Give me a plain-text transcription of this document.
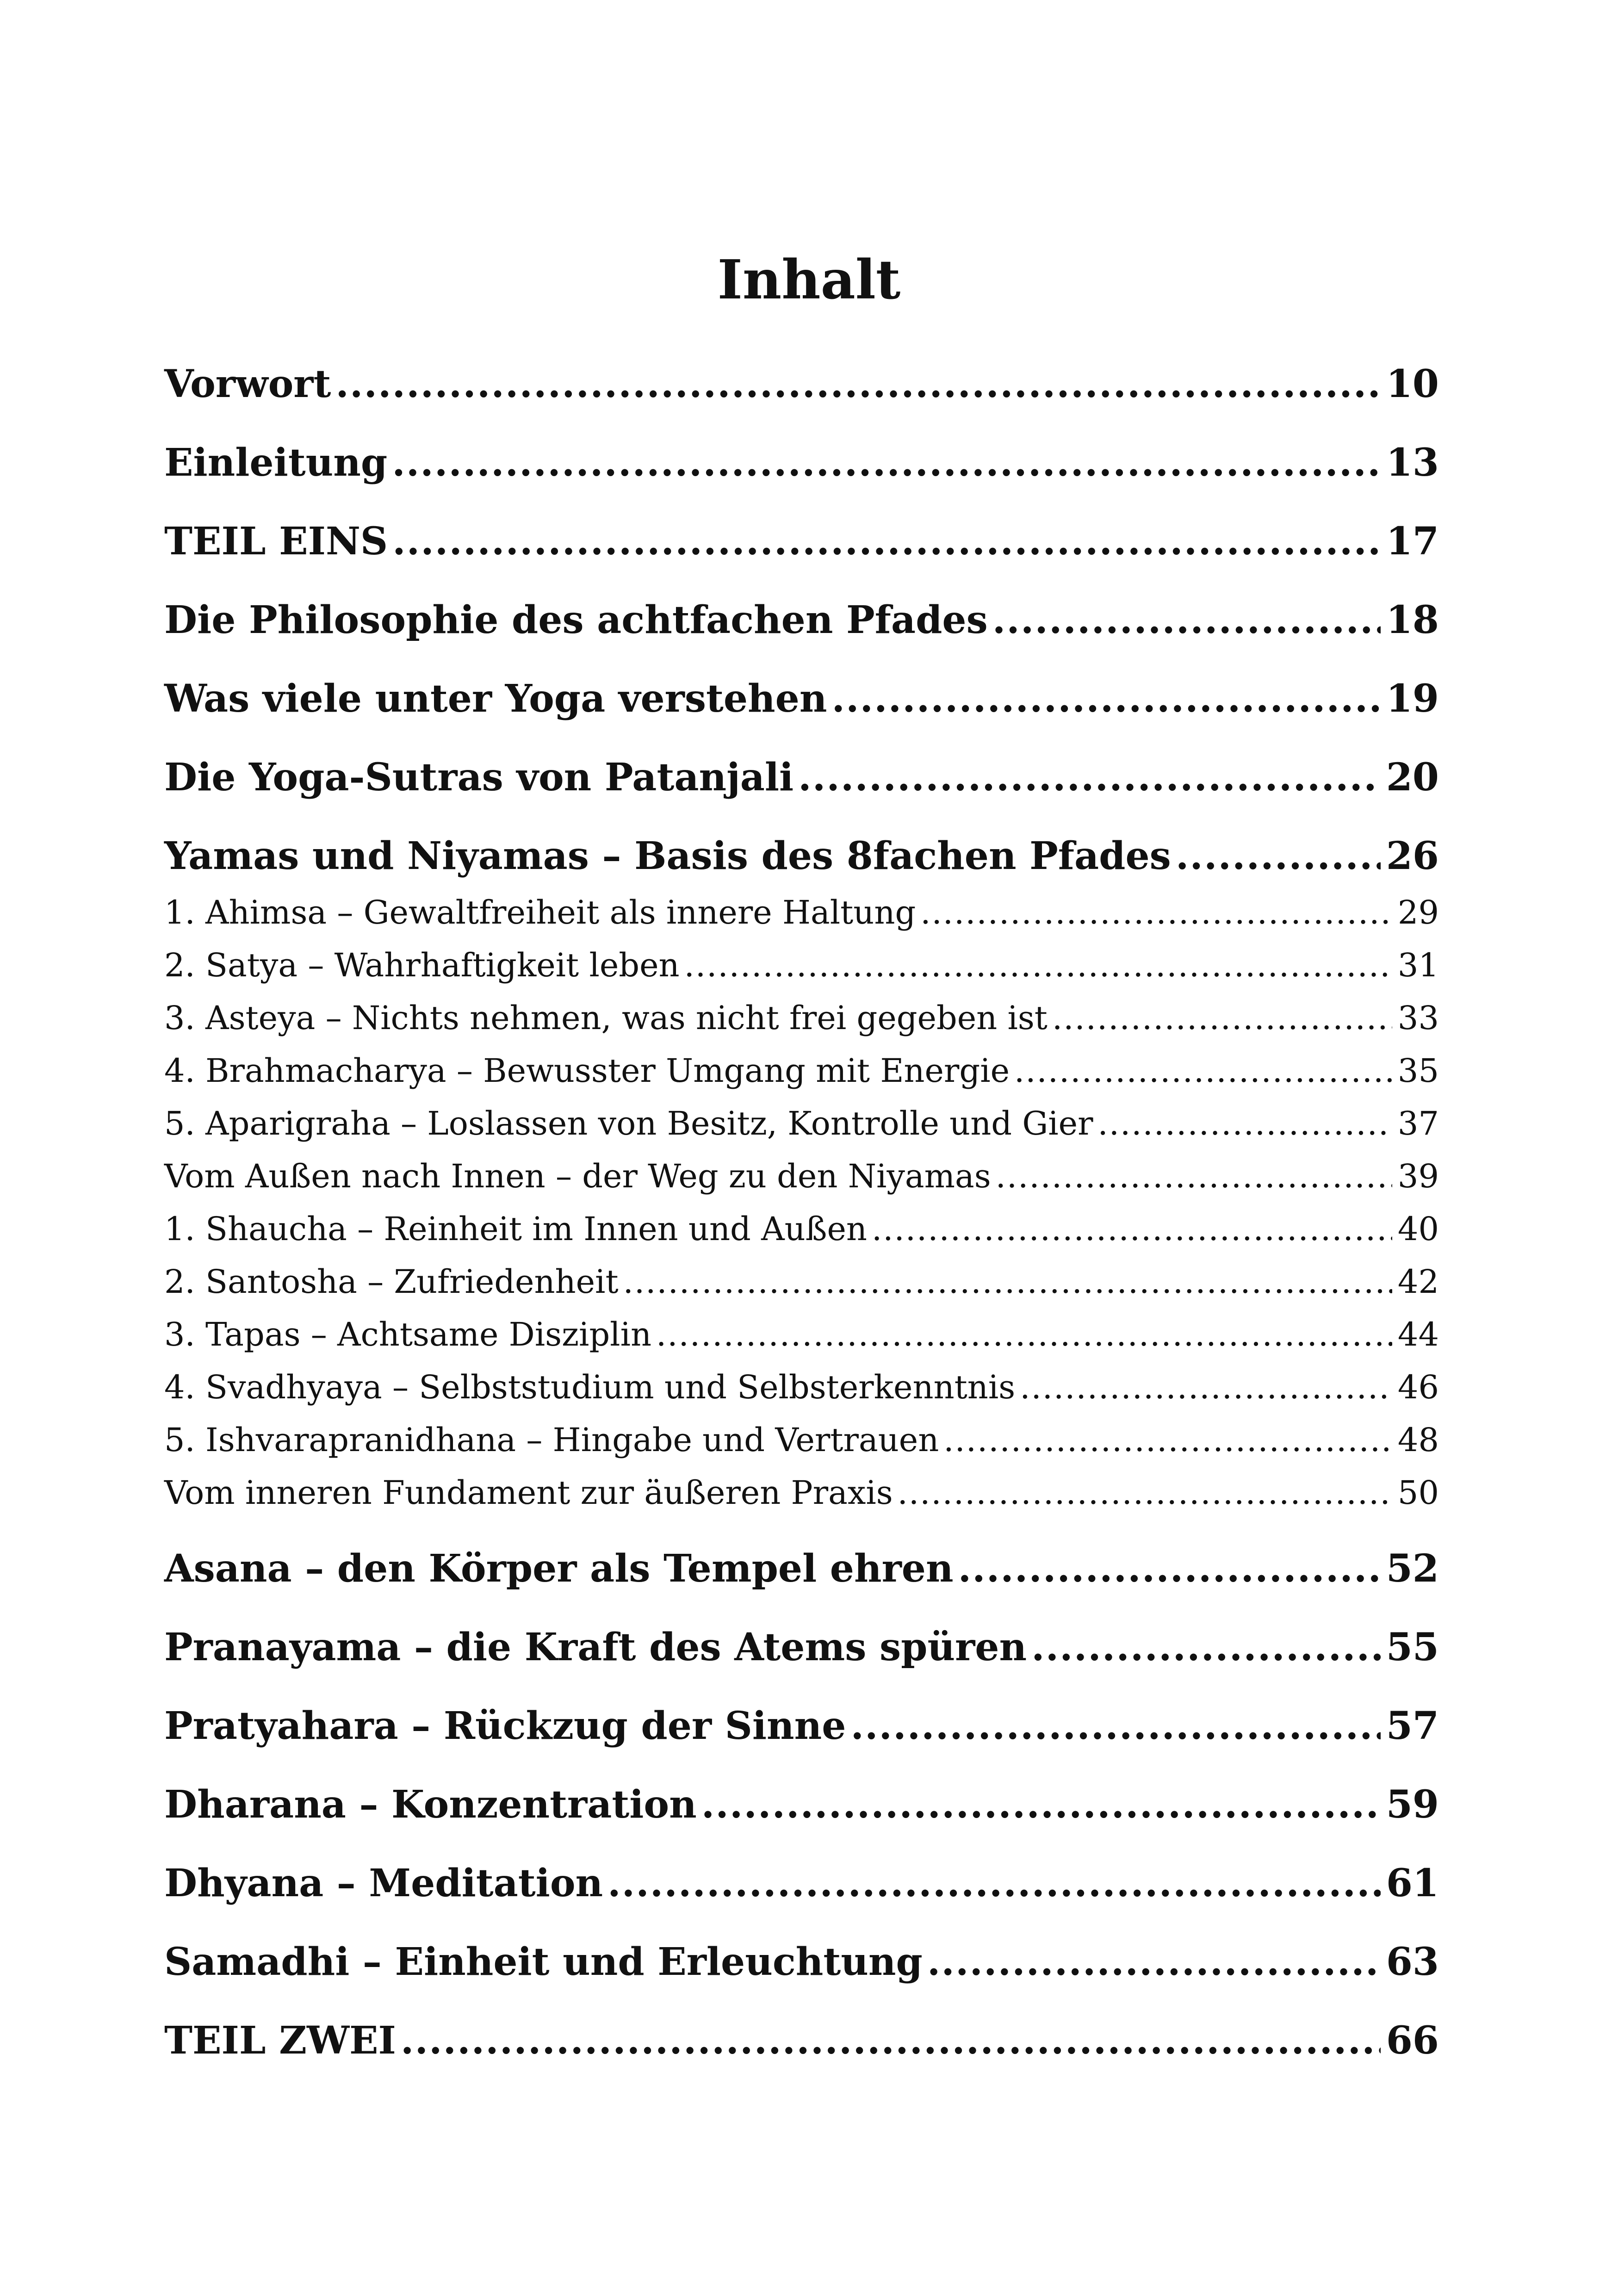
Inhalt
Vorwort .....	10
Einleitung .....	13
TEIL EINS .....	17
Die Philosophie des achtfachen Pfades .....	18
Was viele unter Yoga verstehen .....	19
Die Yoga-Sutras von Patanjali .....	20
Yamas und Niyamas – Basis des 8fachen Pfades .....	26
1. Ahimsa – Gewaltfreiheit als innere Haltung .....	29
2. Satya – Wahrhaftigkeit leben .....	31
3. Asteya – Nichts nehmen, was nicht frei gegeben ist .....	33
4. Brahmacharya – Bewusster Umgang mit Energie .....	35
5. Aparigraha – Loslassen von Besitz, Kontrolle und Gier .....	37
Vom Außen nach Innen – der Weg zu den Niyamas .....	39
1. Shaucha – Reinheit im Innen und Außen .....	40
2. Santosha – Zufriedenheit .....	42
3. Tapas – Achtsame Disziplin .....	44
4. Svadhyaya – Selbststudium und Selbsterkenntnis .....	46
5. Ishvarapranidhana – Hingabe und Vertrauen .....	48
Vom inneren Fundament zur äußeren Praxis .....	50
Asana – den Körper als Tempel ehren .....	52
Pranayama – die Kraft des Atems spüren .....	55
Pratyahara – Rückzug der Sinne .....	57
Dharana – Konzentration .....	59
Dhyana – Meditation .....	61
Samadhi – Einheit und Erleuchtung .....	63
TEIL ZWEI .....	66
